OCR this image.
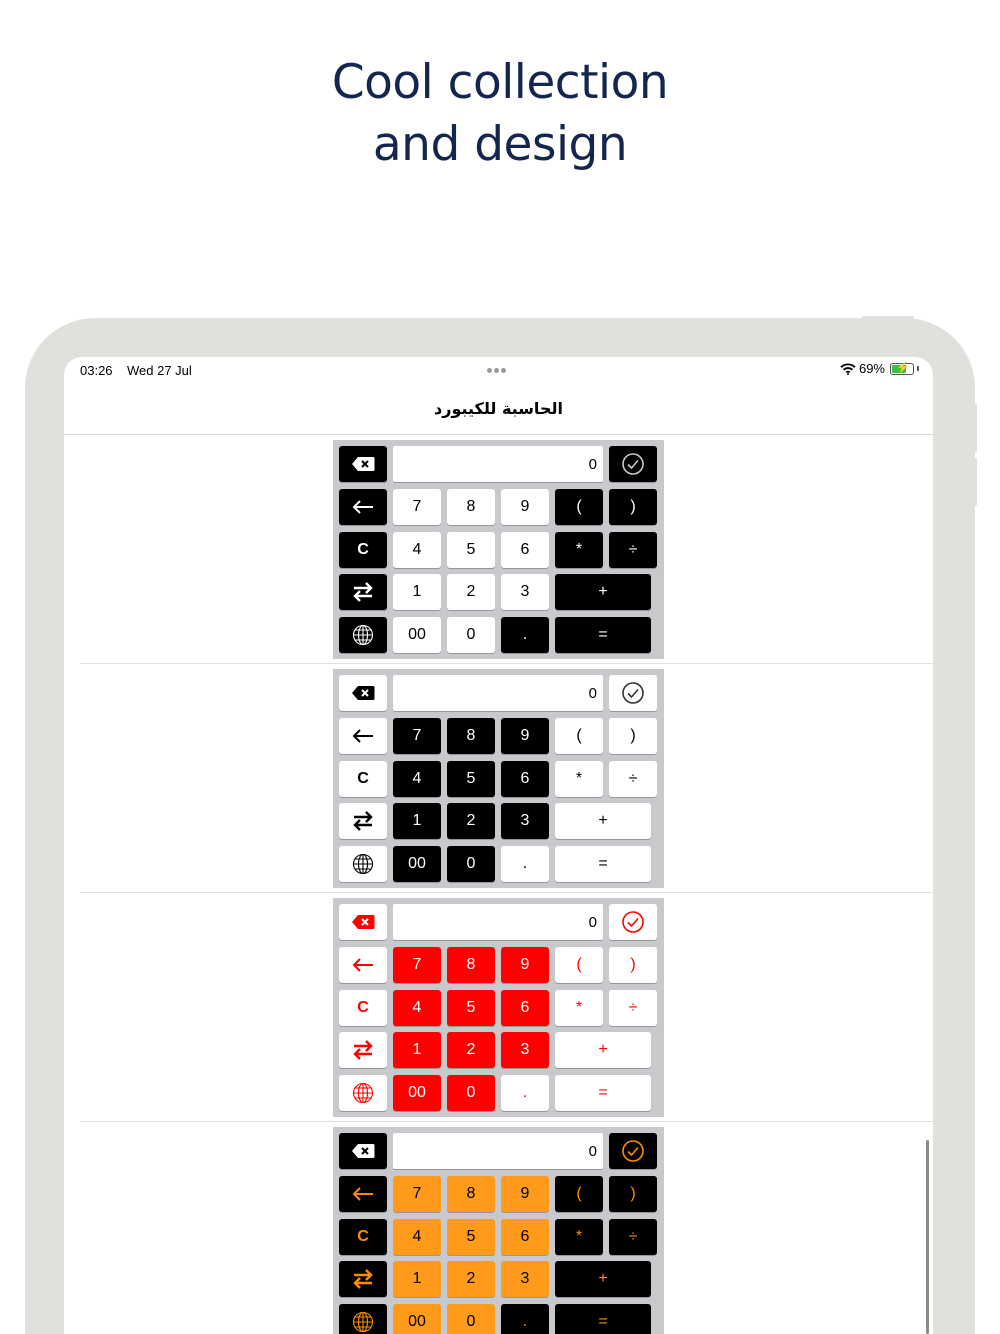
Cool collection
and design
03:26 Wed 27 Jul	69% ⚡
الحاسبة للكيبورد
0
C
7	8	9	(	)
4	5	6	*	÷
1	2	3	+
00	0	.	=
0
C
7	8	9	(	)
4	5	6	*	÷
1	2	3	+
00	0	.	=
0
C
7	8	9	(	)
4	5	6	*	÷
1	2	3	+
00	0	.	=
0
C
7	8	9	(	)
4	5	6	*	÷
1	2	3	+
00	0	.	=
